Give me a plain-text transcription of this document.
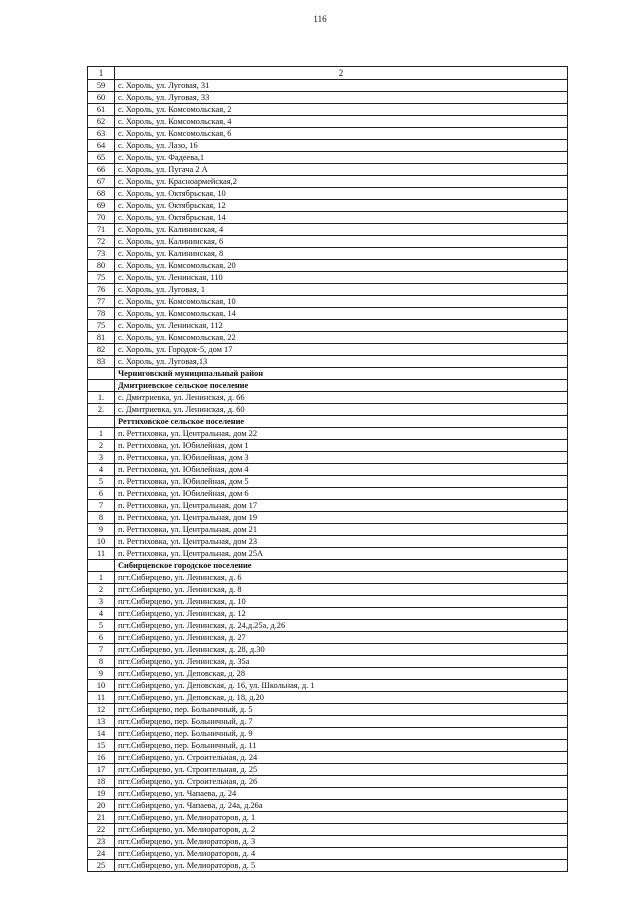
116
1	2
59	с. Хороль, ул. Луговая, 31
60	с. Хороль, ул. Луговая, 33
61	с. Хороль, ул. Комсомольская, 2
62	с. Хороль, ул. Комсомольская, 4
63	с. Хороль, ул. Комсомольская, 6
64	с. Хороль, ул. Лазо, 16
65	с. Хороль, ул. Фадеева,1
66	с. Хороль, ул. Пугача 2 А
67	с. Хороль, ул. Красноармейская,2
68	с. Хороль, ул. Октябрьская, 10
69	с. Хороль, ул. Октябрьская, 12
70	с. Хороль, ул. Октябрьская, 14
71	с. Хороль, ул. Калининская, 4
72	с. Хороль, ул. Калининская, 6
73	с. Хороль, ул. Калининская, 8
80	с. Хороль, ул. Комсомольская, 20
75	с. Хороль, ул. Ленинская, 110
76	с. Хороль, ул. Луговая, 1
77	с. Хороль, ул. Комсомольская, 10
78	с. Хороль, ул. Комсомольская, 14
75	с. Хороль, ул. Ленинская, 112
81	с. Хороль, ул. Комсомольская, 22
82	с. Хороль, ул. Городок-5, дом 17
83	с. Хороль, ул. Луговая,13
	Черниговский муниципальный район
	Дмитриевское сельское поселение
1.	с. Дмитриевка, ул. Ленинская, д. 66
2.	с. Дмитриевка, ул. Ленинская, д. 60
	Реттиховское сельское поселение
1	п. Реттиховка, ул. Центральная, дом 22
2	п. Реттиховка, ул. Юбилейная, дом 1
3	п. Реттиховка, ул. Юбилейная, дом 3
4	п. Реттиховка, ул. Юбилейная, дом 4
5	п. Реттиховка, ул. Юбилейная, дом 5
6	п. Реттиховка, ул. Юбилейная, дом 6
7	п. Реттиховка, ул. Центральная, дом 17
8	п. Реттиховка, ул. Центральная, дом 19
9	п. Реттиховка, ул. Центральная, дом 21
10	п. Реттиховка, ул. Центральная, дом 23
11	п. Реттиховка, ул. Центральная, дом 25А
	Сибирцевское городское поселение
1	пгт.Сибирцево, ул. Ленинская, д. 6
2	пгт.Сибирцево, ул. Ленинская, д. 8
3	пгт.Сибирцево, ул. Ленинская, д. 10
4	пгт.Сибирцево, ул. Ленинская, д. 12
5	пгт.Сибирцево, ул. Ленинская, д. 24,д.25а, д.26
6	пгт.Сибирцево, ул. Ленинская, д. 27
7	пгт.Сибирцево, ул. Ленинская, д. 28, д.30
8	пгт.Сибирцево, ул. Ленинская, д. 35а
9	пгт.Сибирцево, ул. Деповская, д. 28
10	пгт.Сибирцево, ул. Деповская, д. 16, ул. Школьная, д. 1
11	пгт.Сибирцево, ул. Деповская, д. 18, д.20
12	пгт.Сибирцево, пер. Больничный, д. 5
13	пгт.Сибирцево, пер. Больничный, д. 7
14	пгт.Сибирцево, пер. Больничный, д. 9
15	пгт.Сибирцево, пер. Больничный, д. 11
16	пгт.Сибирцево, ул. Строительная, д. 24
17	пгт.Сибирцево, ул. Строительная, д. 25
18	пгт.Сибирцево, ул. Строительная, д. 26
19	пгт.Сибирцево, ул. Чапаева, д. 24
20	пгт.Сибирцево, ул. Чапаева, д. 24а, д.26а
21	пгт.Сибирцево, ул. Мелиораторов, д. 1
22	пгт.Сибирцево, ул. Мелиораторов, д. 2
23	пгт.Сибирцево, ул. Мелиораторов, д. 3
24	пгт.Сибирцево, ул. Мелиораторов, д. 4
25	пгт.Сибирцево, ул. Мелиораторов, д. 5
